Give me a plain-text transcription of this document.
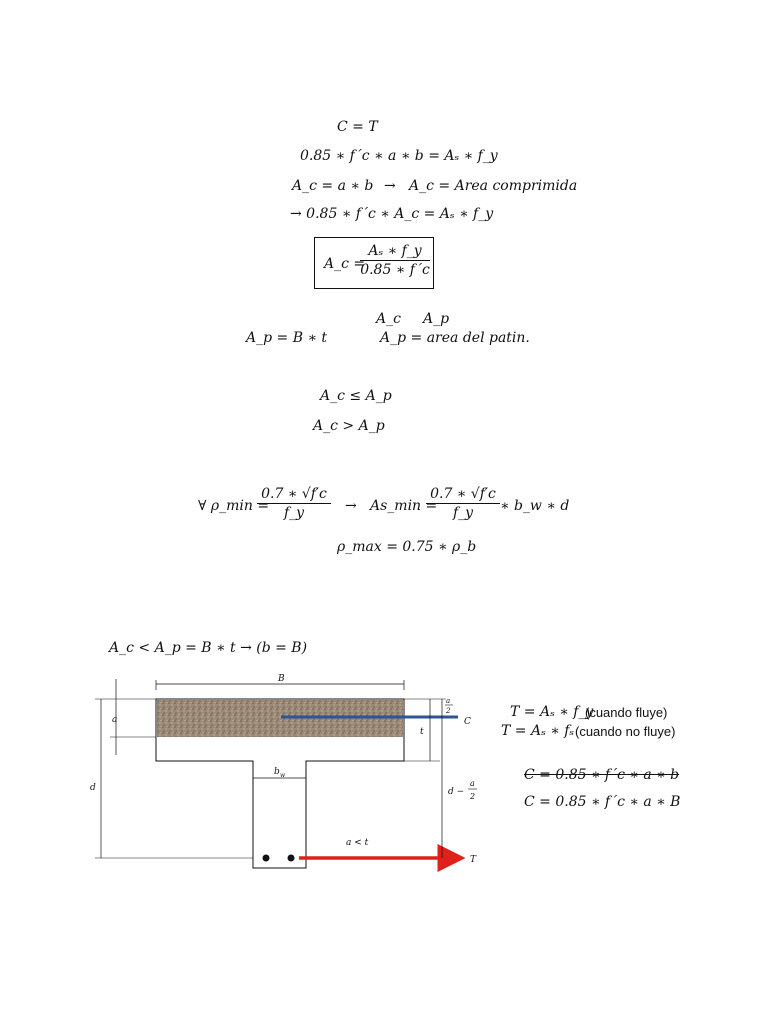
C = T
0.85 ∗ f´c ∗ a ∗ b = Aₛ ∗ f_y
A_c = a ∗ b → A_c = Area comprimida
→ 0.85 ∗ f´c ∗ A_c = Aₛ ∗ f_y
A_c =
Aₛ ∗ f_y
0.85 ∗ f´c
A_c A_p
A_p = B ∗ t	A_p = area del patin.
A_c ≤ A_p
A_c > A_p
∀ ρ_min =
0.7 ∗ √f′c
f_y	→ As_min =
0.7 ∗ √f′c
f_y	∗ b_w ∗ d
ρ_max = 0.75 ∗ ρ_b
A_c < A_p = B ∗ t → (b = B)
B
a
d
t
a
2
C
d −
a
2
b w
a < t
T
T = Aₛ ∗ f_y
(cuando fluye)
T = Aₛ ∗ fₛ (cuando no fluye)
C = 0.85 ∗ f´c ∗ a ∗ b
C = 0.85 ∗ f´c ∗ a ∗ B
